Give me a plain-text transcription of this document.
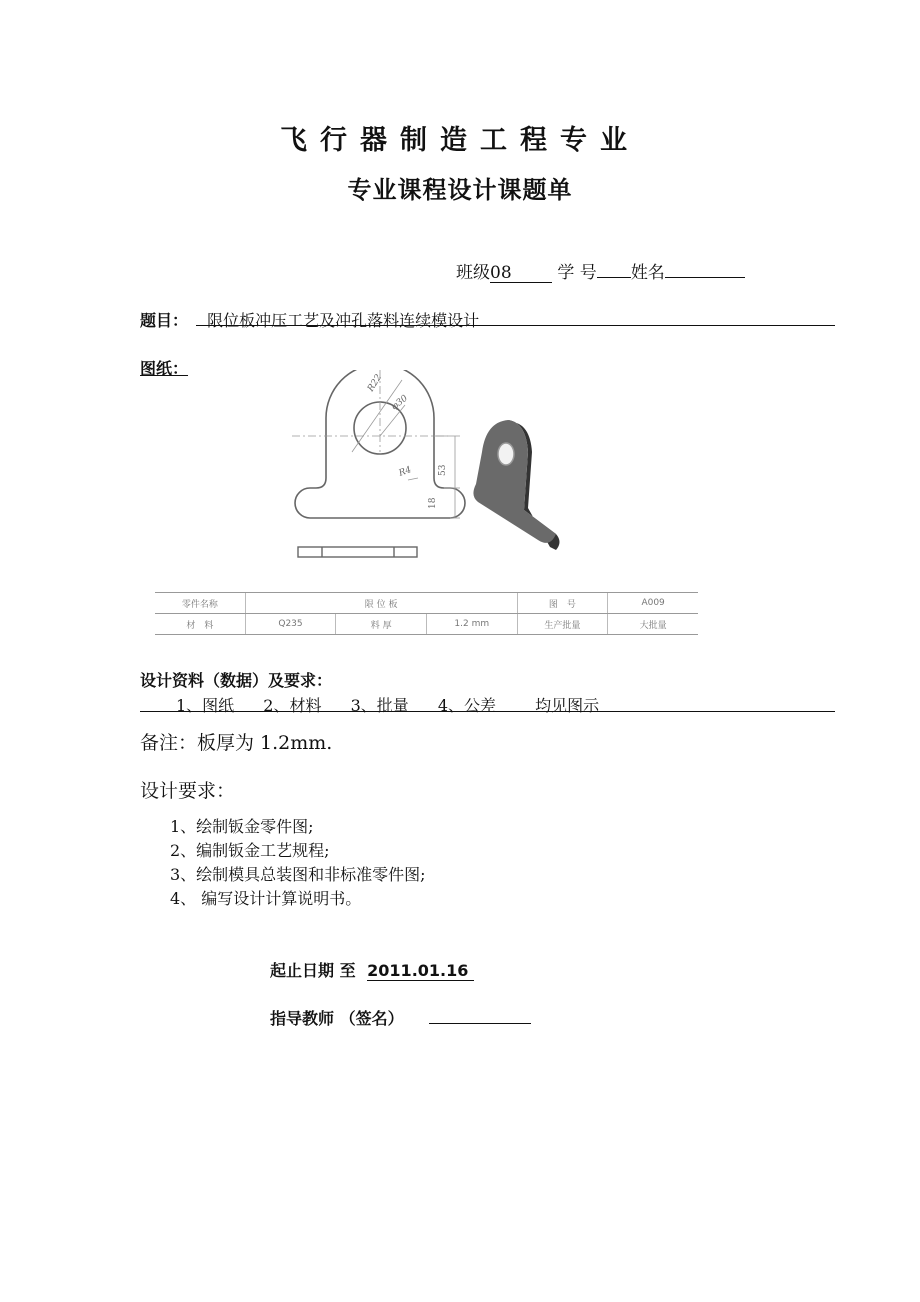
飞行器制造工程专业
专业课程设计课题单
班级08	学 号 姓名
题目： 限位板冲压工艺及冲孔落料连续模设计
图纸：
R22
φ30
R4	53
18
零件名称	限 位 板			图　号	A009
材　料	Q235	料 厚	1.2 mm	生产批量	大批量
设计资料（数据）及要求：
1、图纸 2、材料 3、批量 4、公差 均见图示
备注：板厚为 1.2mm.
设计要求：
1、绘制钣金零件图;
2、编制钣金工艺规程;
3、绘制模具总装图和非标准零件图;
4、 编写设计计算说明书。
起止日期 至 2011.01.16
指导教师 （签名）
